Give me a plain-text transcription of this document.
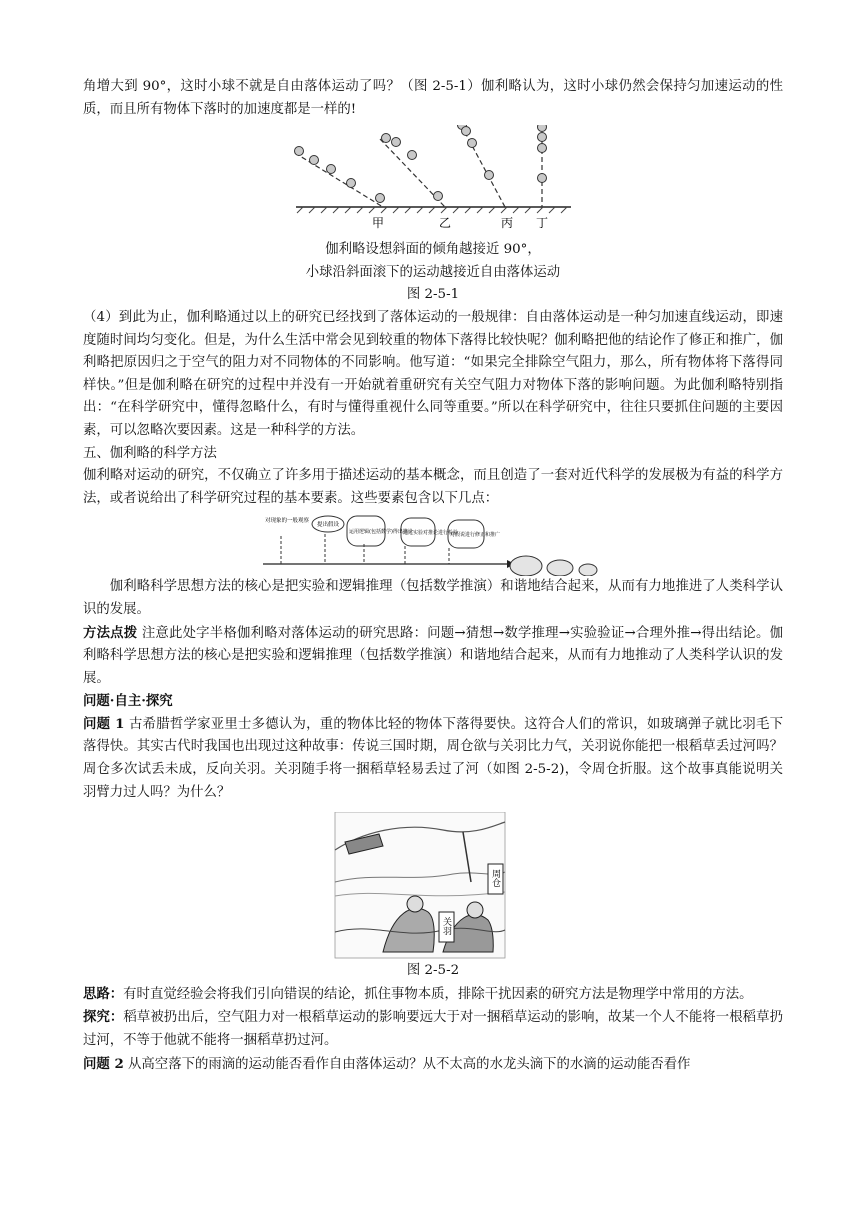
角增大到 90°，这时小球不就是自由落体运动了吗？（图 2-5-1）伽利略认为，这时小球仍然会保持匀加速运动的性质，而且所有物体下落时的加速度都是一样的!

甲	乙	丙 丁

伽利略设想斜面的倾角越接近 90°，

小球沿斜面滚下的运动越接近自由落体运动

图 2-5-1

（4）到此为止，伽利略通过以上的研究已经找到了落体运动的一般规律：自由落体运动是一种匀加速直线运动，即速度随时间均匀变化。但是，为什么生活中常会见到较重的物体下落得比较快呢？伽利略把他的结论作了修正和推广，伽利略把原因归之于空气的阻力对不同物体的不同影响。他写道：“如果完全排除空气阻力，那么，所有物体将下落得同样快。”但是伽利略在研究的过程中并没有一开始就着重研究有关空气阻力对物体下落的影响问题。为此伽利略特别指出：“在科学研究中，懂得忽略什么，有时与懂得重视什么同等重要。”所以在科学研究中，往往只要抓住问题的主要因素，可以忽略次要因素。这是一种科学的方法。

五、伽利略的科学方法

伽利略对运动的研究，不仅确立了许多用于描述运动的基本概念，而且创造了一套对近代科学的发展极为有益的科学方法，或者说给出了科学研究过程的基本要素。这些要素包含以下几点：

对现象的一般观察
提出假设
运用逻辑(包括数学)得出推论
通过实验对推论进行检验
对假说进行修正和推广

伽利略科学思想方法的核心是把实验和逻辑推理（包括数学推演）和谐地结合起来，从而有力地推进了人类科学认识的发展。

方法点拨 注意此处字半格伽利略对落体运动的研究思路：问题→猜想→数学推理→实验验证→合理外推→得出结论。伽利略科学思想方法的核心是把实验和逻辑推理（包括数学推演）和谐地结合起来，从而有力地推动了人类科学认识的发展。

问题·自主·探究

问题 1 古希腊哲学家亚里士多德认为，重的物体比轻的物体下落得要快。这符合人们的常识，如玻璃弹子就比羽毛下落得快。其实古代时我国也出现过这种故事：传说三国时期，周仓欲与关羽比力气，关羽说你能把一根稻草丢过河吗？周仓多次试丢未成，反向关羽。关羽随手将一捆稻草轻易丢过了河（如图 2-5-2)，令周仓折服。这个故事真能说明关羽臂力过人吗？为什么？

周仓
关羽

图 2-5-2

思路：有时直觉经验会将我们引向错误的结论，抓住事物本质，排除干扰因素的研究方法是物理学中常用的方法。

探究：稻草被扔出后，空气阻力对一根稻草运动的影响要远大于对一捆稻草运动的影响，故某一个人不能将一根稻草扔过河，不等于他就不能将一捆稻草扔过河。

问题 2 从高空落下的雨滴的运动能否看作自由落体运动？从不太高的水龙头滴下的水滴的运动能否看作
